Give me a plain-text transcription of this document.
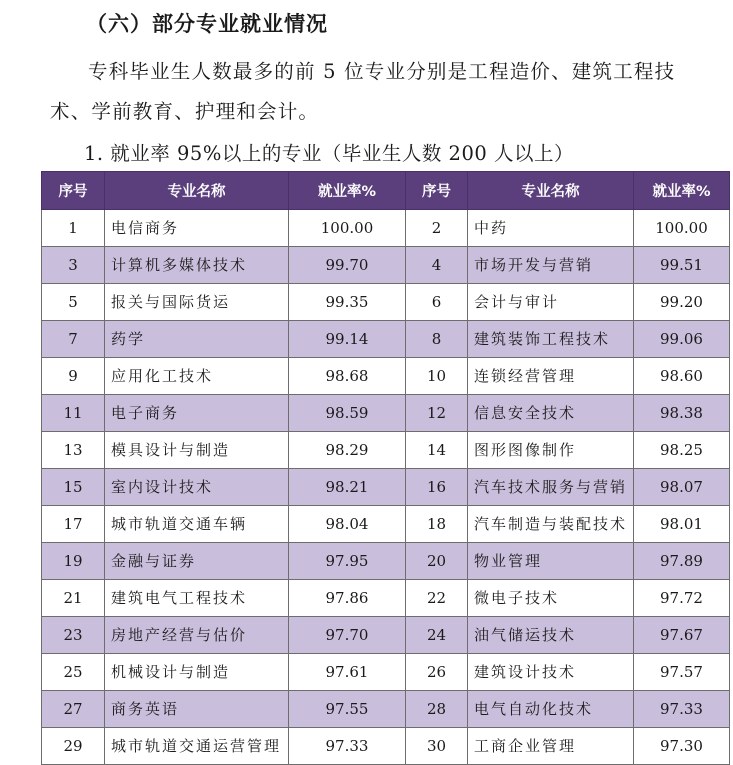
（六）部分专业就业情况
专科毕业生人数最多的前 5 位专业分别是工程造价、建筑工程技术、学前教育、护理和会计。
1. 就业率 95%以上的专业（毕业生人数 200 人以上）
序号	专业名称	就业率%	序号	专业名称	就业率%
1	电信商务	100.00	2	中药	100.00
3	计算机多媒体技术	99.70	4	市场开发与营销	99.51
5	报关与国际货运	99.35	6	会计与审计	99.20
7	药学	99.14	8	建筑装饰工程技术	99.06
9	应用化工技术	98.68	10	连锁经营管理	98.60
11	电子商务	98.59	12	信息安全技术	98.38
13	模具设计与制造	98.29	14	图形图像制作	98.25
15	室内设计技术	98.21	16	汽车技术服务与营销	98.07
17	城市轨道交通车辆	98.04	18	汽车制造与装配技术	98.01
19	金融与证券	97.95	20	物业管理	97.89
21	建筑电气工程技术	97.86	22	微电子技术	97.72
23	房地产经营与估价	97.70	24	油气储运技术	97.67
25	机械设计与制造	97.61	26	建筑设计技术	97.57
27	商务英语	97.55	28	电气自动化技术	97.33
29	城市轨道交通运营管理	97.33	30	工商企业管理	97.30
